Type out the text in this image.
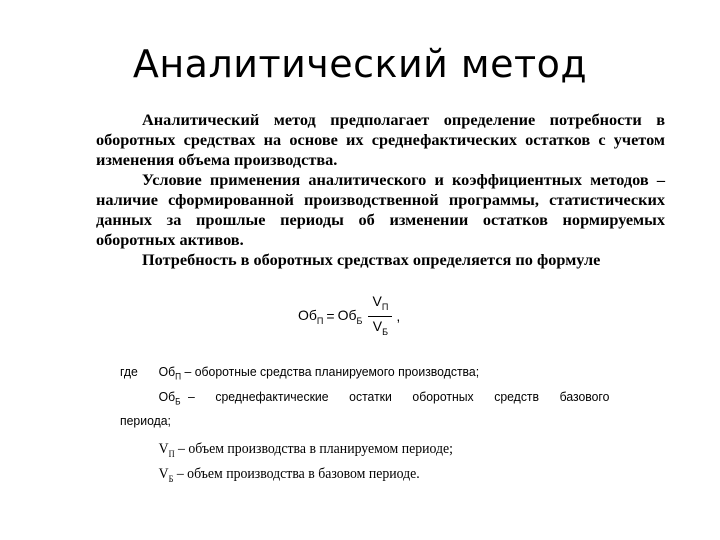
Аналитический метод

Аналитический метод предполагает определение потребности в оборотных средствах на основе их среднефактических остатков с учетом изменения объема производства.

Условие применения аналитического и коэффициентных методов – наличие сформированной производственной программы, статистических данных за прошлые периоды об изменении остатков нормируемых оборотных активов.

Потребность в оборотных средствах определяется по формуле

$Об_П = Об_Б \frac{V_П}{V_Б}$ ,
где $Об_П$ – оборотные средства планируемого производства;
$Об_Б$ – среднефактические остатки оборотных средств базового
периода;
$V_П$ – объем производства в планируемом периоде;
$V_Б$ – объем производства в базовом периоде.
